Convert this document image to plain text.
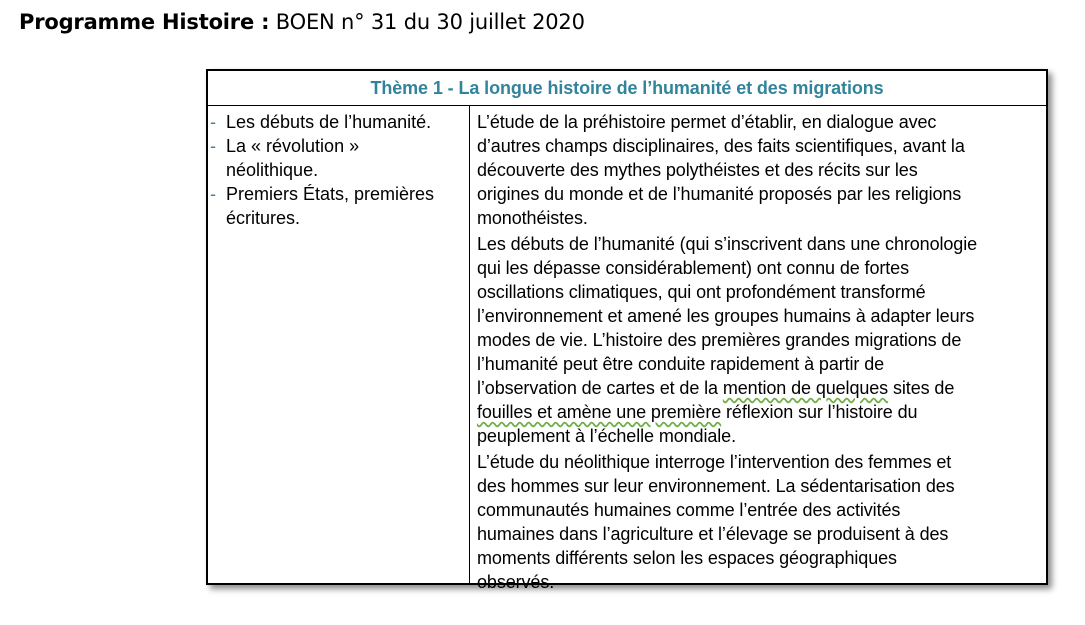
Programme Histoire : BOEN n° 31 du 30 juillet 2020
Thème 1 - La longue histoire de l’humanité et des migrations
- Les débuts de l’humanité.
- La « révolution »
néolithique.
- Premiers États, premières
écritures.
L’étude de la préhistoire permet d’établir, en dialogue avec
d’autres champs disciplinaires, des faits scientifiques, avant la
découverte des mythes polythéistes et des récits sur les
origines du monde et de l’humanité proposés par les religions
monothéistes.
Les débuts de l’humanité (qui s’inscrivent dans une chronologie
qui les dépasse considérablement) ont connu de fortes
oscillations climatiques, qui ont profondément transformé
l’environnement et amené les groupes humains à adapter leurs
modes de vie. L’histoire des premières grandes migrations de
l’humanité peut être conduite rapidement à partir de
l’observation de cartes et de la mention de quelques sites de
fouilles et amène une première réflexion sur l’histoire du
peuplement à l’échelle mondiale.
L’étude du néolithique interroge l’intervention des femmes et
des hommes sur leur environnement. La sédentarisation des
communautés humaines comme l’entrée des activités
humaines dans l’agriculture et l’élevage se produisent à des
moments différents selon les espaces géographiques
observés.
